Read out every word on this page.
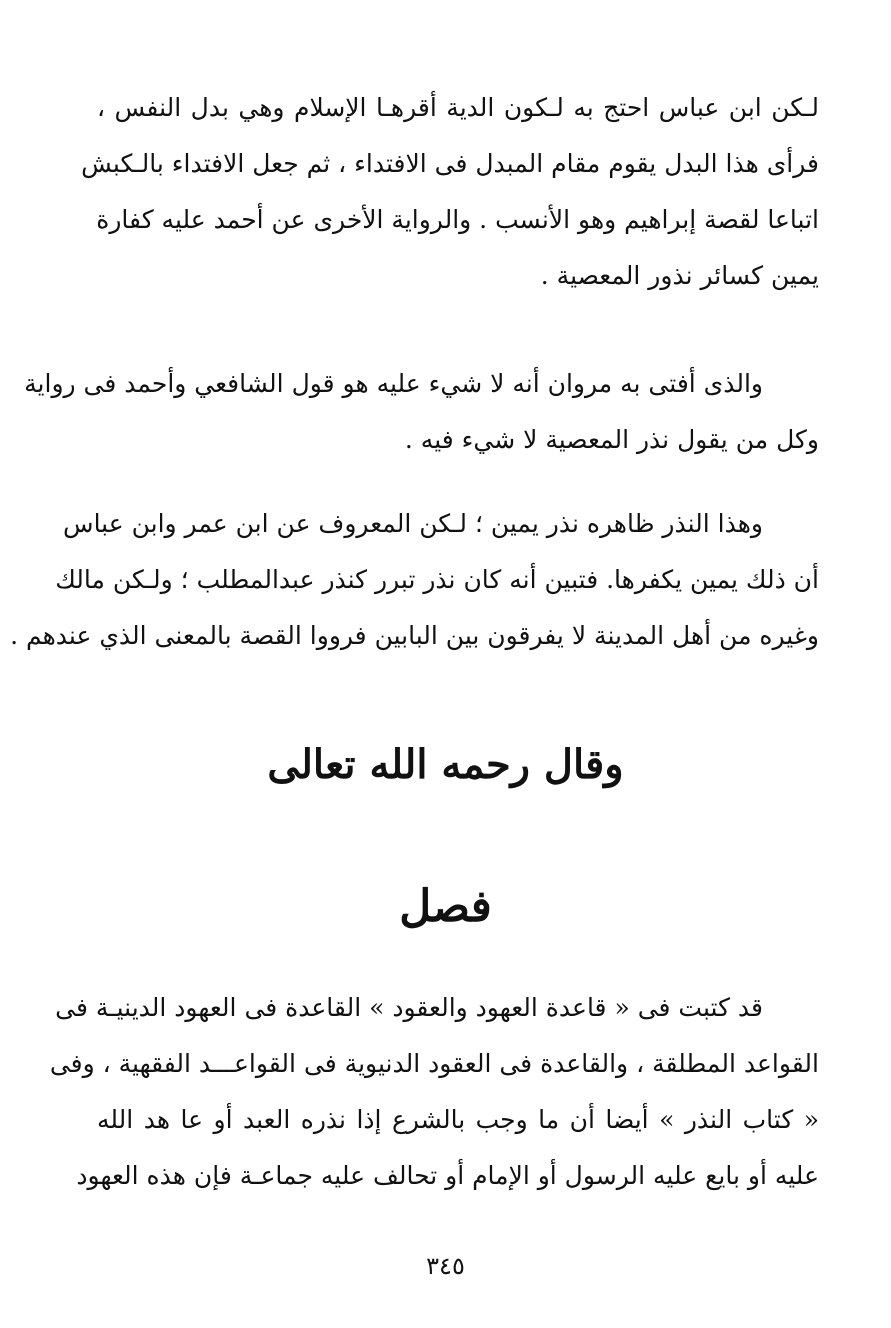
لـكن ابن عباس احتج به لـكون الدية أقرهـا الإسلام وهي بدل النفس ،
فرأى هذا البدل يقوم مقام المبدل فى الافتداء ، ثم جعل الافتداء بالـكبش
اتباعا لقصة إبراهيم وهو الأنسب . والرواية الأخرى عن أحمد عليه كفارة
يمين كسائر نذور المعصية .
والذى أفتى به مروان أنه لا شيء عليه هو قول الشافعي وأحمد فى رواية
وكل من يقول نذر المعصية لا شيء فيه .
وهذا النذر ظاهره نذر يمين ؛ لـكن المعروف عن ابن عمر وابن عباس
أن ذلك يمين يكفرها. فتبين أنه كان نذر تبرر كنذر عبدالمطلب ؛ ولـكن مالك
وغيره من أهل المدينة لا يفرقون بين البابين فرووا القصة بالمعنى الذي عندهم .
وقال رحمه الله تعالى
فصل
قد كتبت فى « قاعدة العهود والعقود » القاعدة فى العهود الدينيـة فى
القواعد المطلقة ، والقاعدة فى العقود الدنيوية فى القواعـــد الفقهية ، وفى
« كتاب النذر » أيضا أن ما وجب بالشرع إذا نذره العبد أو عا هد الله
عليه أو بايع عليه الرسول أو الإمام أو تحالف عليه جماعـة فإن هذه العهود
٣٤٥
